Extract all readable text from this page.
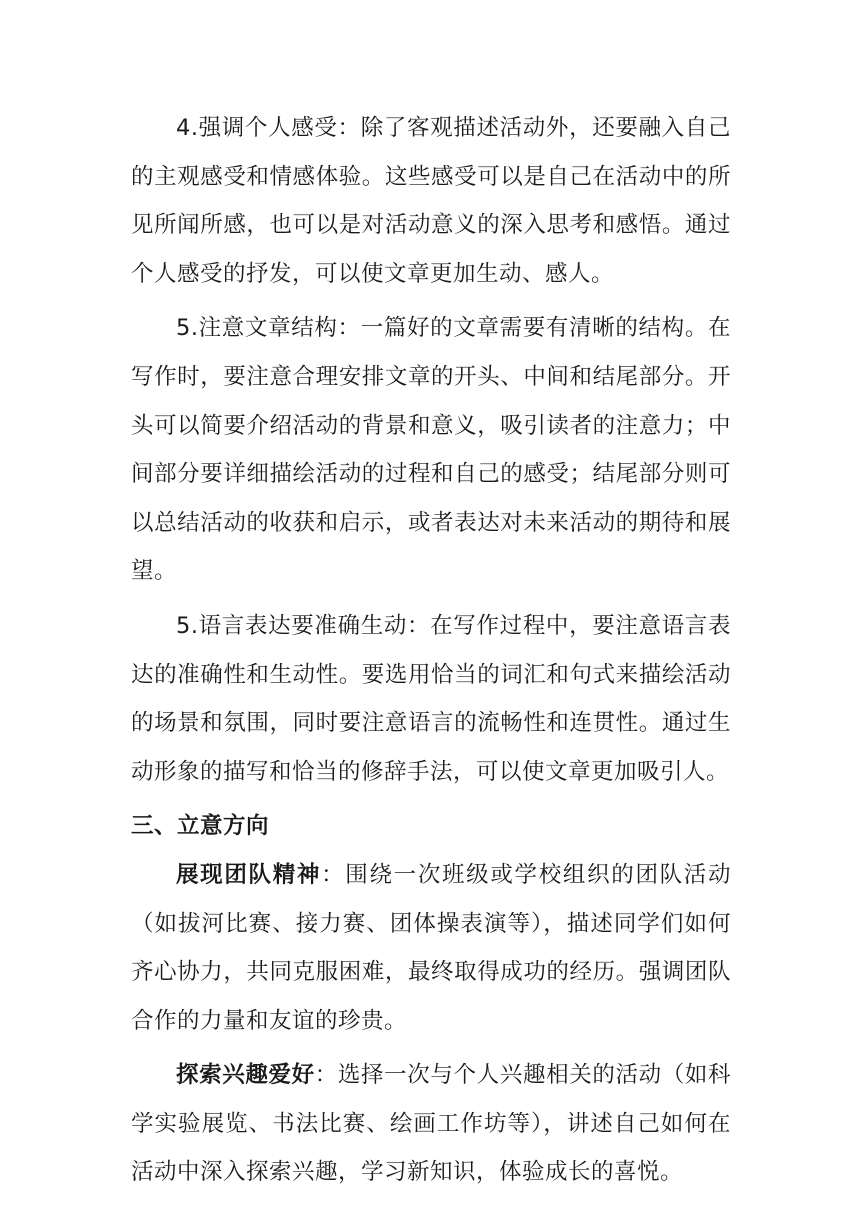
4.强调个人感受：除了客观描述活动外，还要融入自己的主观感受和情感体验。这些感受可以是自己在活动中的所见所闻所感，也可以是对活动意义的深入思考和感悟。通过个人感受的抒发，可以使文章更加生动、感人。

5.注意文章结构：一篇好的文章需要有清晰的结构。在写作时，要注意合理安排文章的开头、中间和结尾部分。开头可以简要介绍活动的背景和意义，吸引读者的注意力；中间部分要详细描绘活动的过程和自己的感受；结尾部分则可以总结活动的收获和启示，或者表达对未来活动的期待和展望。

5.语言表达要准确生动：在写作过程中，要注意语言表达的准确性和生动性。要选用恰当的词汇和句式来描绘活动的场景和氛围，同时要注意语言的流畅性和连贯性。通过生动形象的描写和恰当的修辞手法，可以使文章更加吸引人。

三、立意方向

展现团队精神：围绕一次班级或学校组织的团队活动（如拔河比赛、接力赛、团体操表演等），描述同学们如何齐心协力，共同克服困难，最终取得成功的经历。强调团队合作的力量和友谊的珍贵。

探索兴趣爱好：选择一次与个人兴趣相关的活动（如科学实验展览、书法比赛、绘画工作坊等），讲述自己如何在活动中深入探索兴趣，学习新知识，体验成长的喜悦。
